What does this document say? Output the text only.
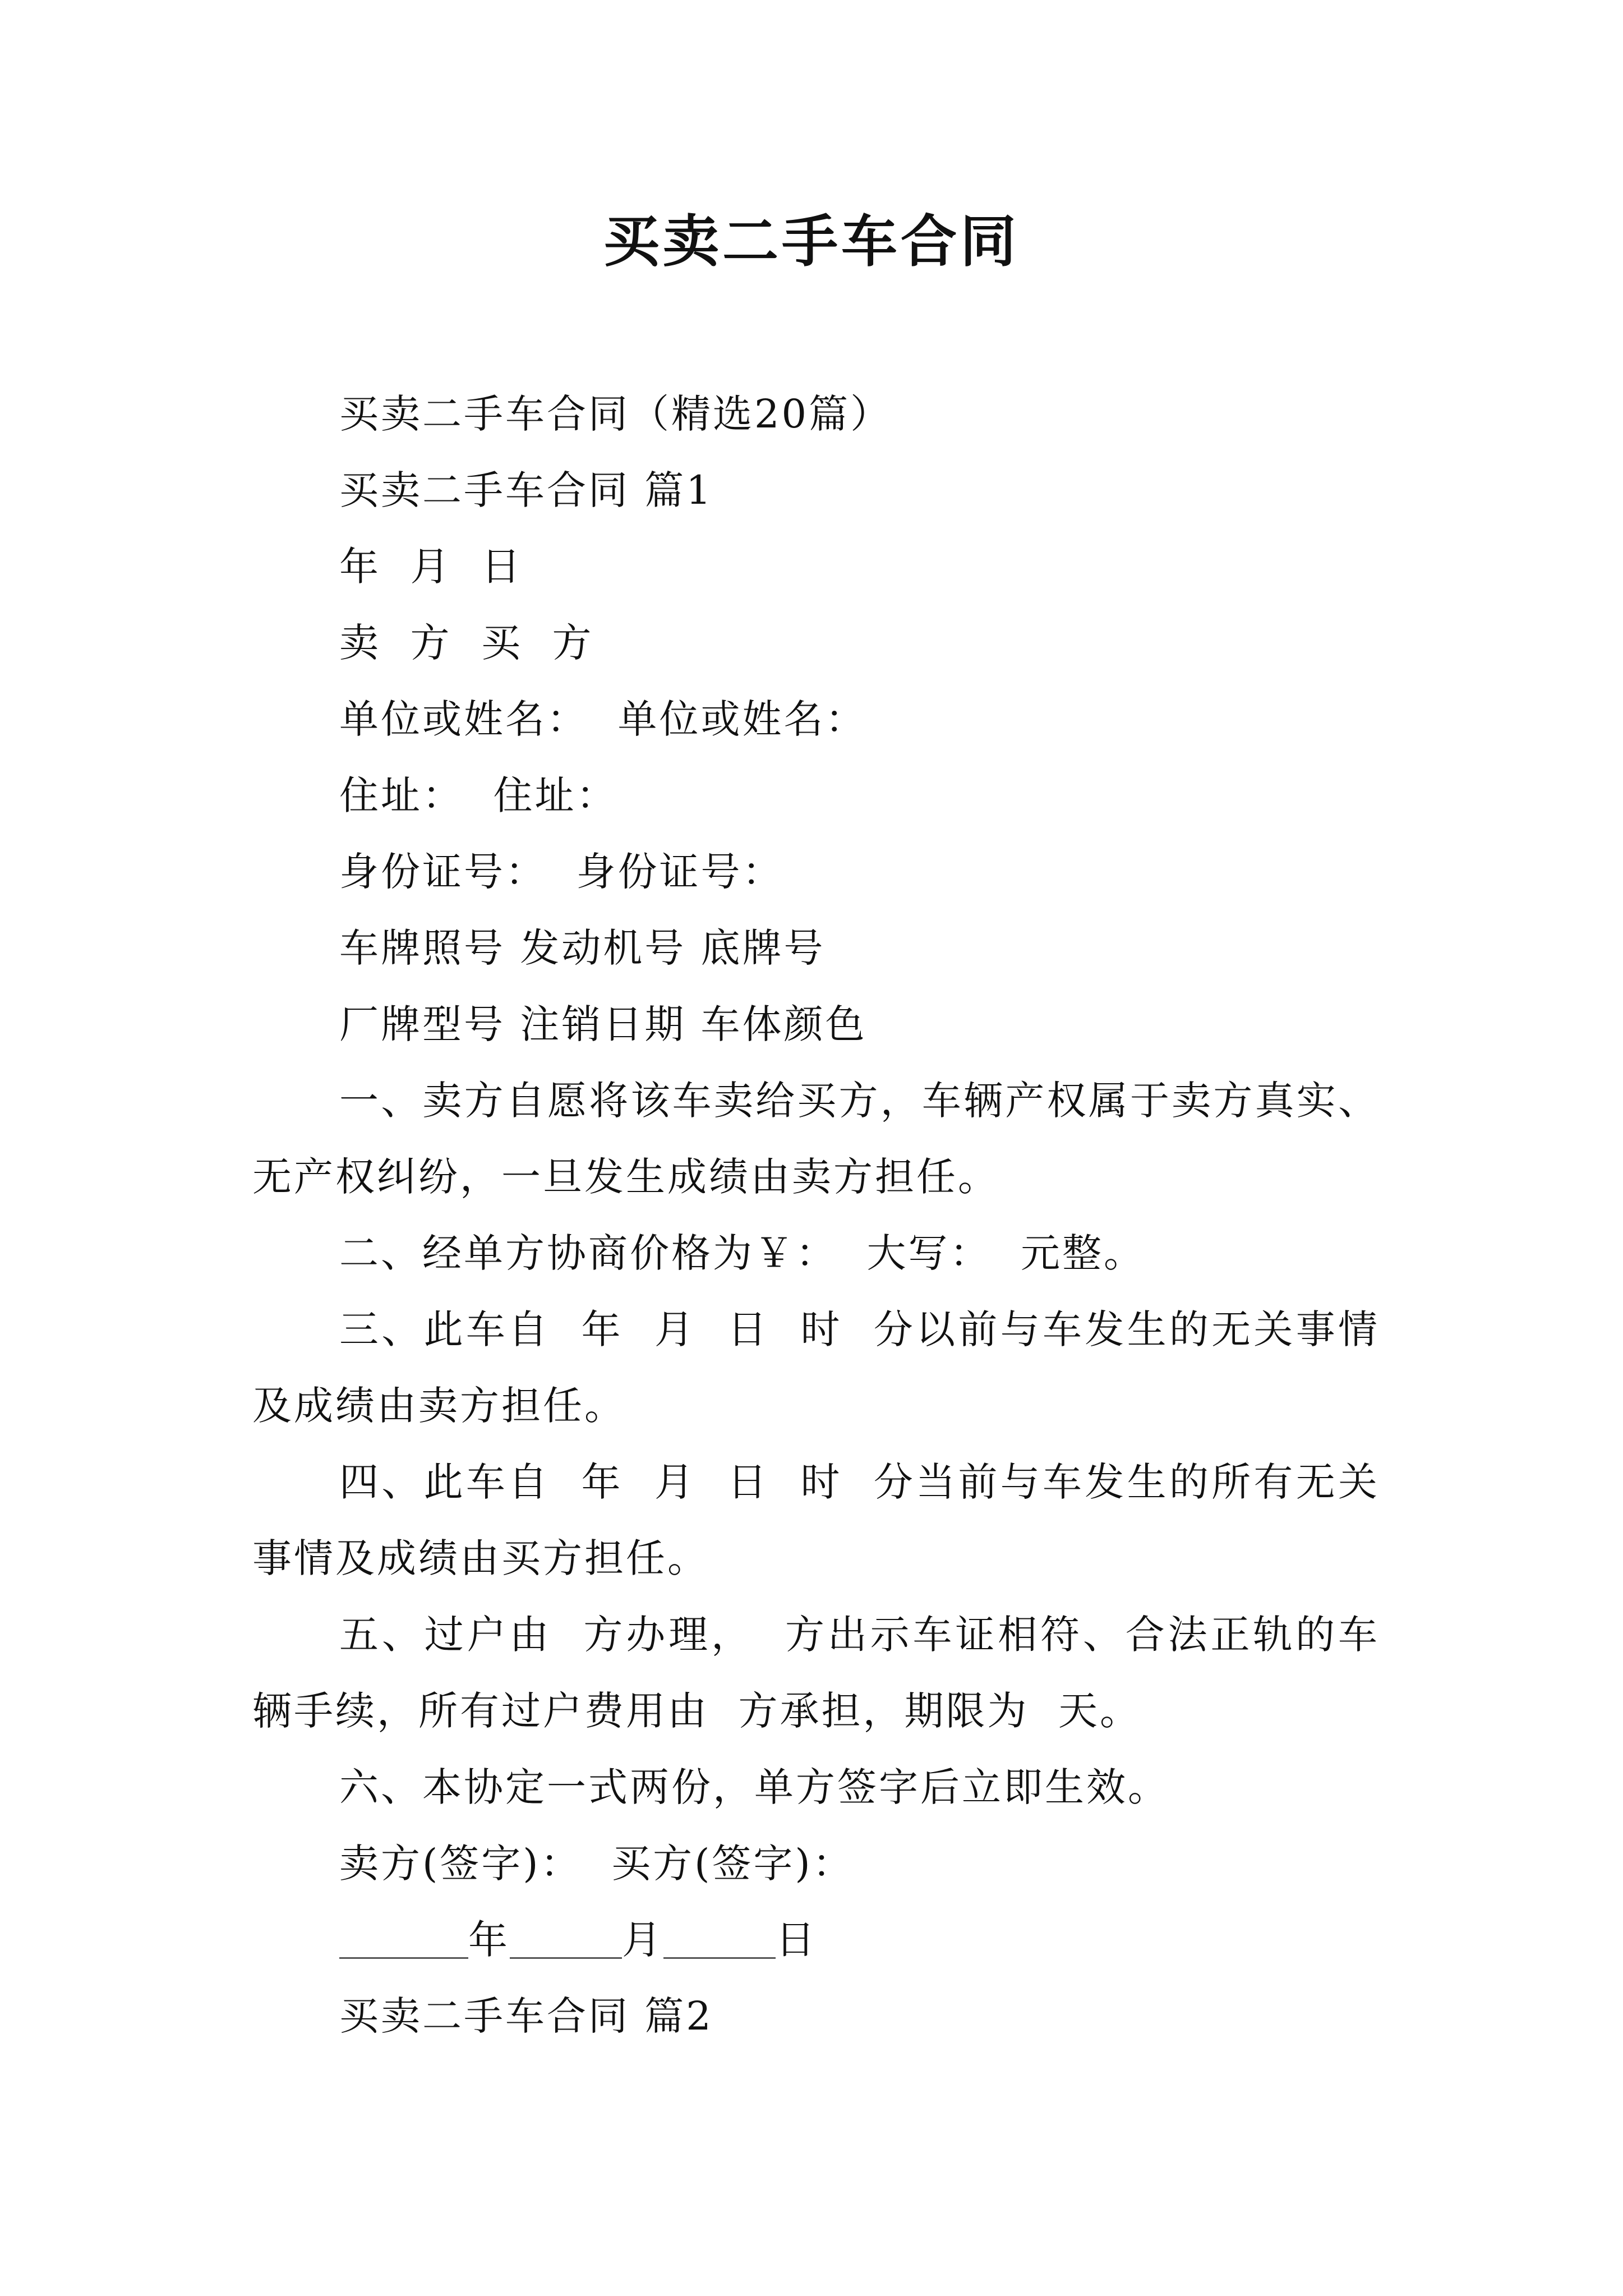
买卖二手车合同

买卖二手车合同（精选20篇）

买卖二手车合同 篇1

年  月  日

卖  方  买  方

单位或姓名：  单位或姓名：

住址：  住址：

身份证号：  身份证号：

车牌照号 发动机号 底牌号

厂牌型号 注销日期 车体颜色

一、卖方自愿将该车卖给买方，车辆产权属于卖方真实、无产权纠纷，一旦发生成绩由卖方担任。

二、经单方协商价格为￥：  大写：  元整。

三、此车自  年  月  日  时  分以前与车发生的无关事情及成绩由卖方担任。

四、此车自  年  月  日  时  分当前与车发生的所有无关事情及成绩由买方担任。

五、过户由  方办理，  方出示车证相符、合法正轨的车辆手续，所有过户费用由  方承担，期限为  天。

六、本协定一式两份，单方签字后立即生效。

卖方(签字)：  买方(签字)：

年	月	日

买卖二手车合同 篇2
